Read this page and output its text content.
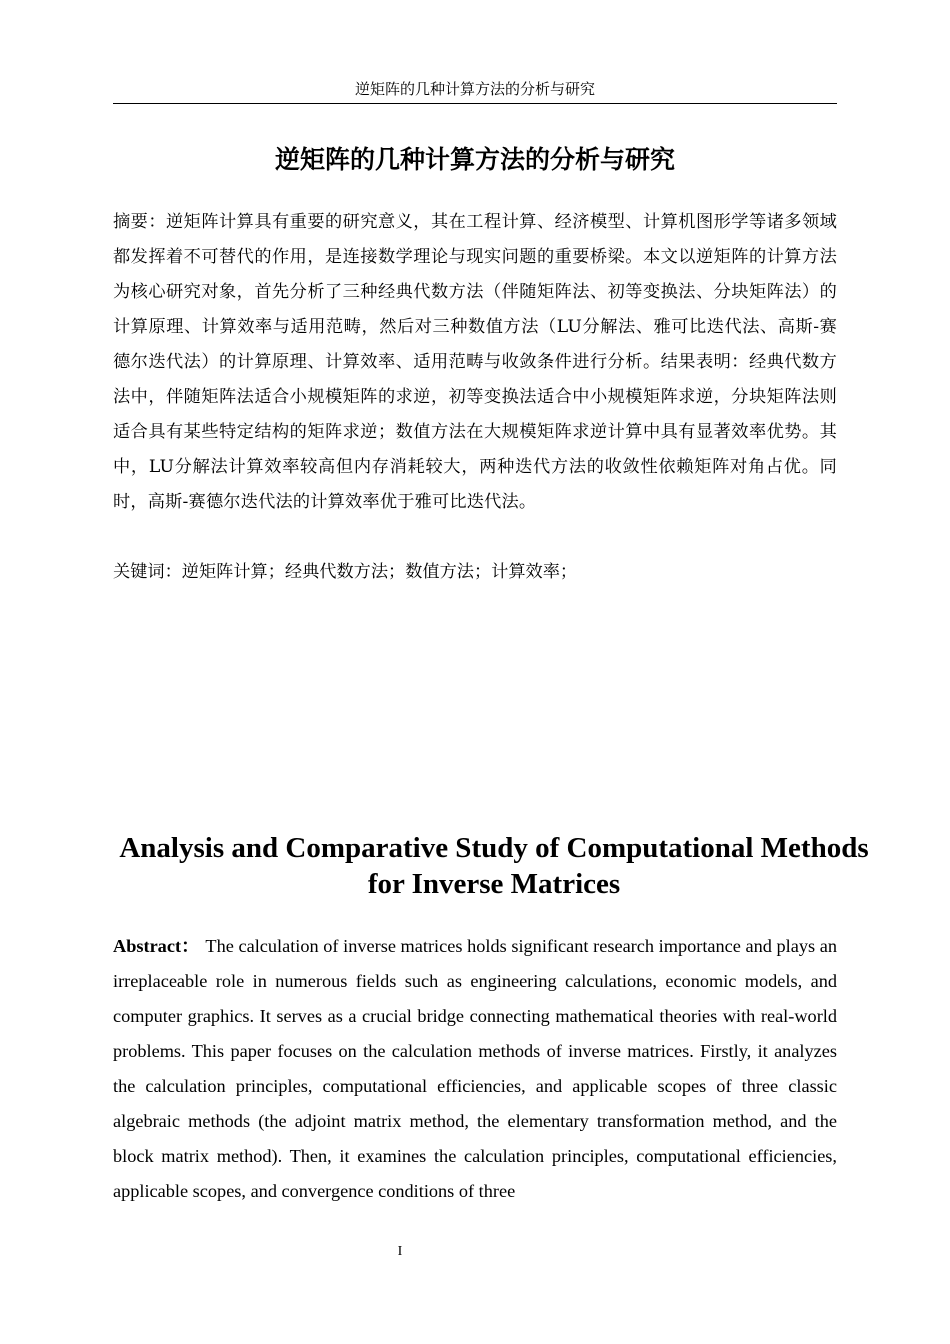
逆矩阵的几种计算方法的分析与研究
逆矩阵的几种计算方法的分析与研究
摘要：逆矩阵计算具有重要的研究意义，其在工程计算、经济模型、计算机图形学等诸多领域都发挥着不可替代的作用，是连接数学理论与现实问题的重要桥梁。本文以逆矩阵的计算方法为核心研究对象，首先分析了三种经典代数方法（伴随矩阵法、初等变换法、分块矩阵法）的计算原理、计算效率与适用范畴，然后对三种数值方法（LU分解法、雅可比迭代法、高斯-赛德尔迭代法）的计算原理、计算效率、适用范畴与收敛条件进行分析。结果表明：经典代数方法中，伴随矩阵法适合小规模矩阵的求逆，初等变换法适合中小规模矩阵求逆，分块矩阵法则适合具有某些特定结构的矩阵求逆；数值方法在大规模矩阵求逆计算中具有显著效率优势。其中，LU分解法计算效率较高但内存消耗较大，两种迭代方法的收敛性依赖矩阵对角占优。同时，高斯-赛德尔迭代法的计算效率优于雅可比迭代法。
关键词：逆矩阵计算；经典代数方法；数值方法；计算效率；
Analysis and Comparative Study of Computational Methods for Inverse Matrices
Abstract： The calculation of inverse matrices holds significant research importance and plays an irreplaceable role in numerous fields such as engineering calculations, economic models, and computer graphics. It serves as a crucial bridge connecting mathematical theories with real-world problems. This paper focuses on the calculation methods of inverse matrices. Firstly, it analyzes the calculation principles, computational efficiencies, and applicable scopes of three classic algebraic methods (the adjoint matrix method, the elementary transformation method, and the block matrix method). Then, it examines the calculation principles, computational efficiencies, applicable scopes, and convergence conditions of three
I
